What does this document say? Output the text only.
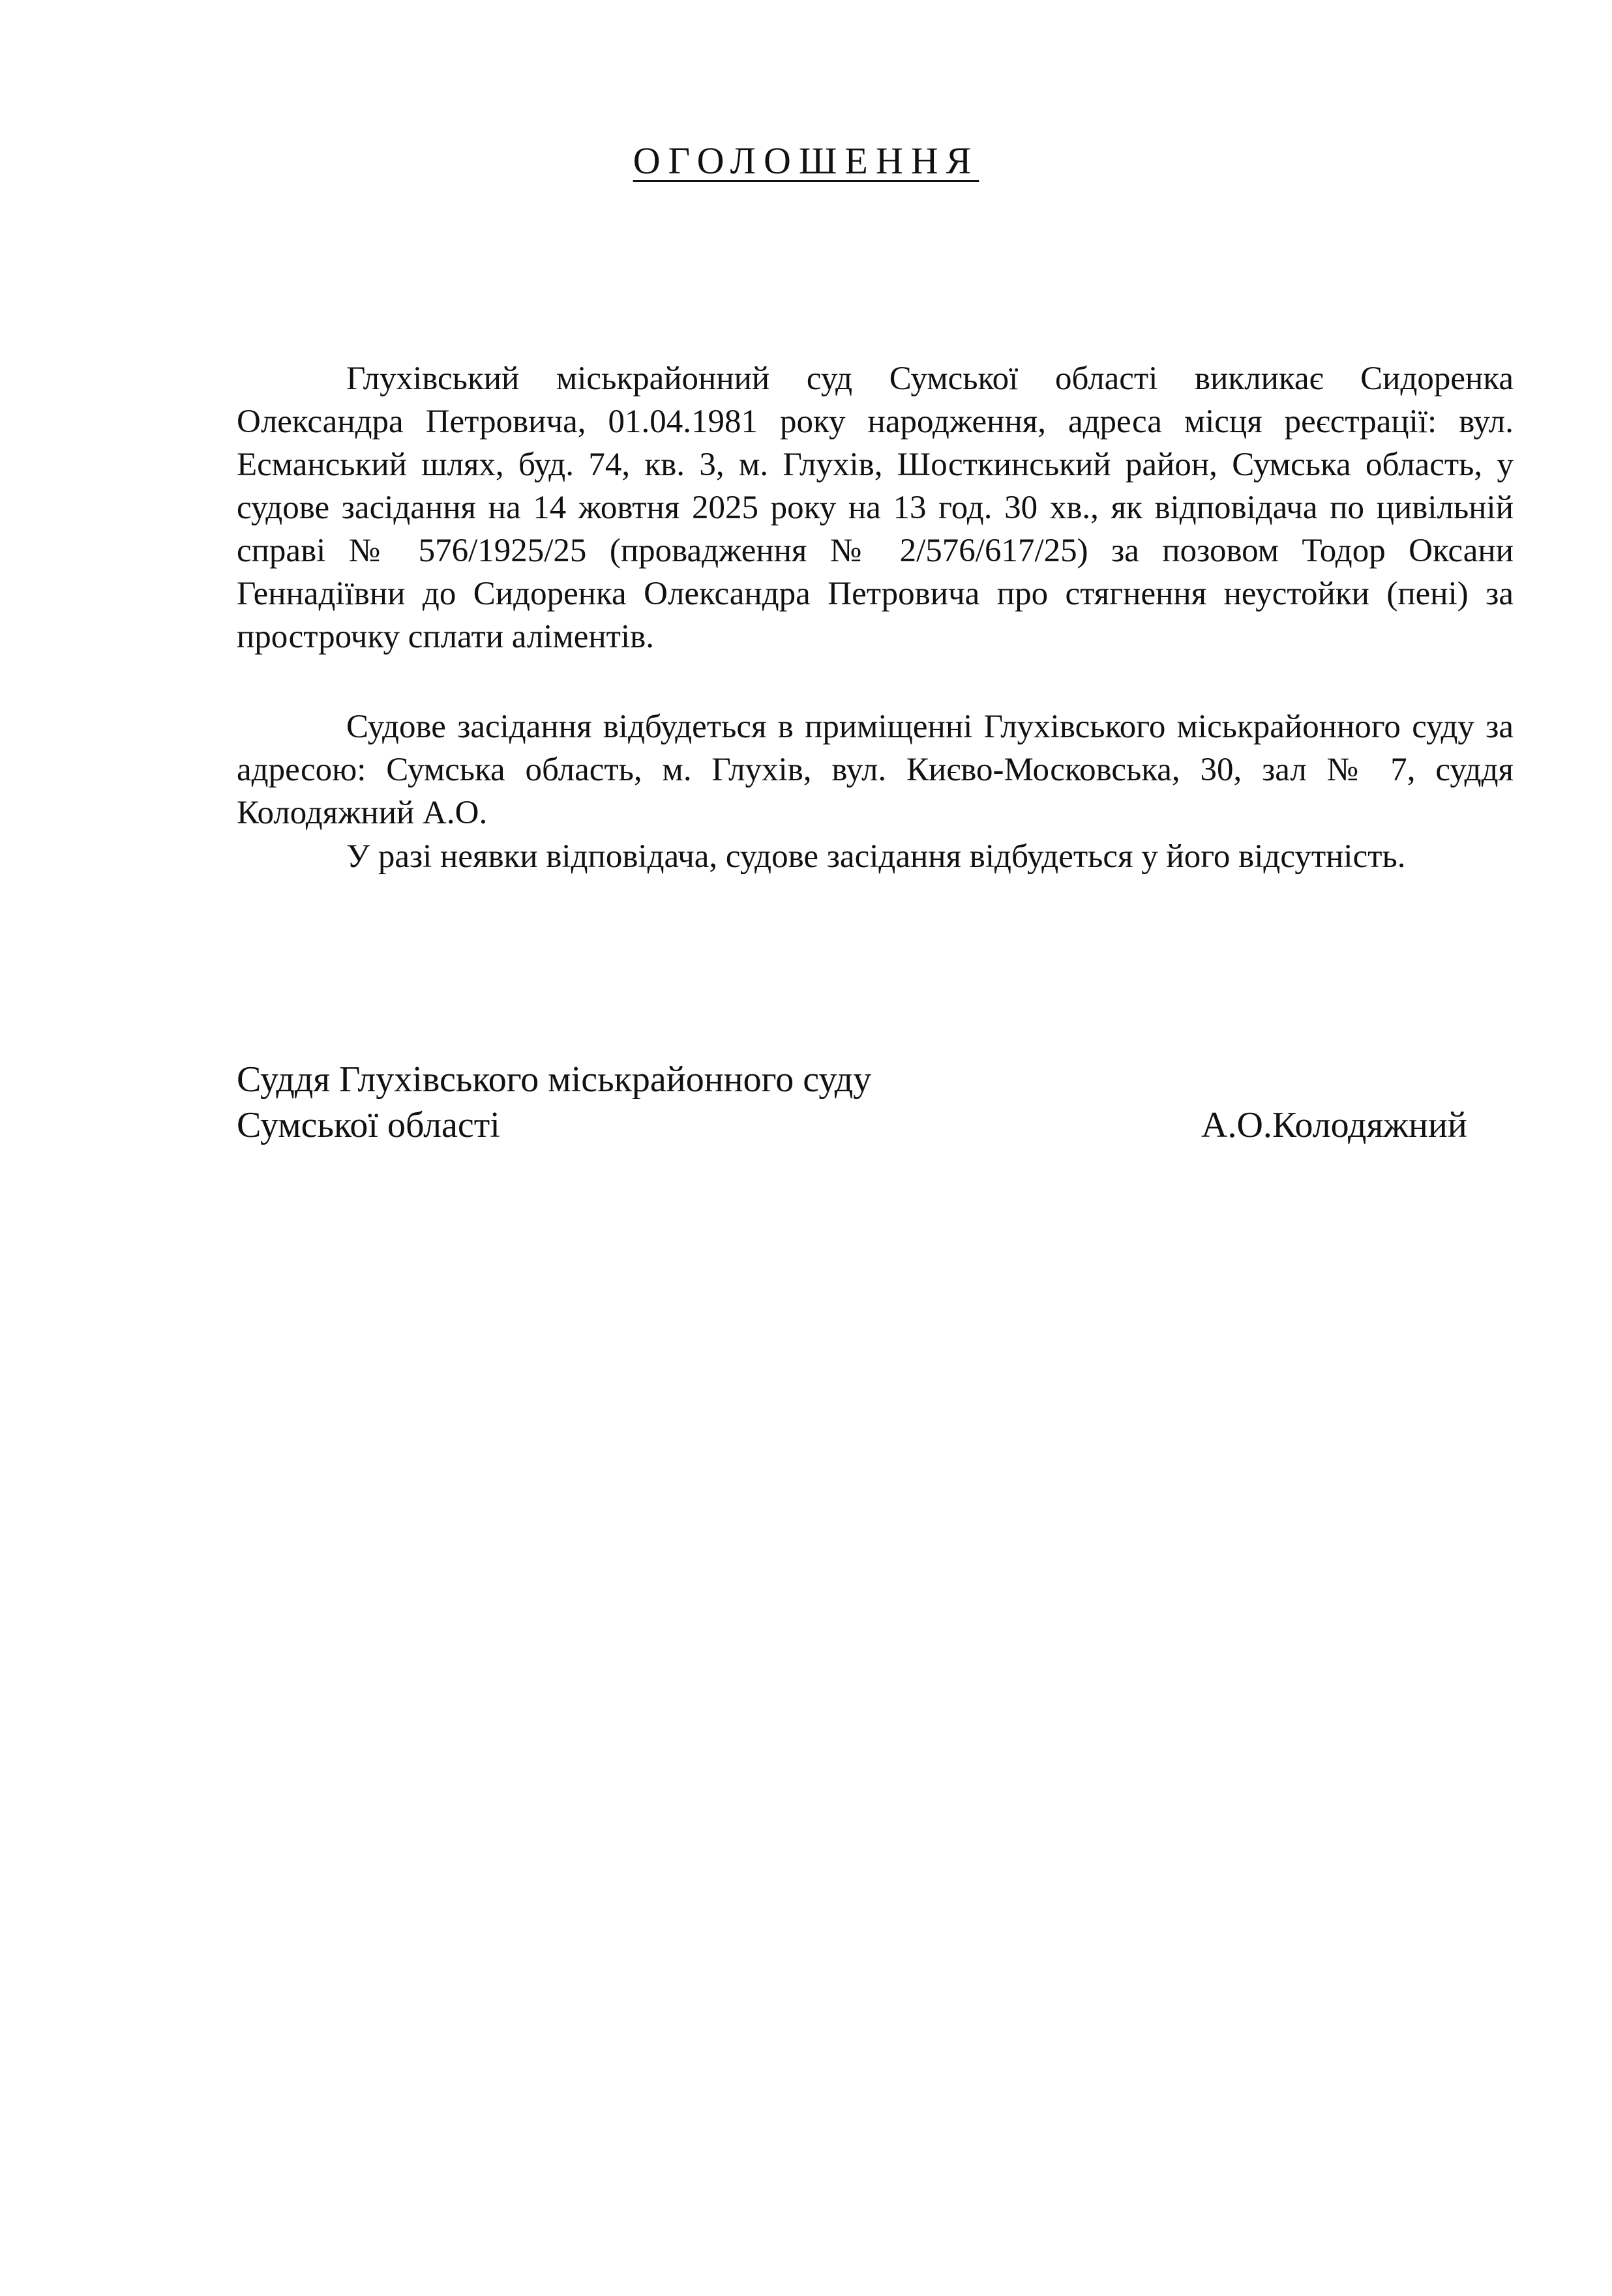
ОГОЛОШЕННЯ

Глухівський міськрайонний суд Сумської області викликає Сидоренка Олександра Петровича, 01.04.1981 року народження, адреса місця реєстрації: вул. Есманський шлях, буд. 74, кв. 3, м. Глухів, Шосткинський район, Сумська область, у судове засідання на 14 жовтня 2025 року на 13 год. 30 хв., як відповідача по цивільній справі № 576/1925/25 (провадження № 2/576/617/25) за позовом Тодор Оксани Геннадіївни до Сидоренка Олександра Петровича про стягнення неустойки (пені) за прострочку сплати аліментів.

Судове засідання відбудеться в приміщенні Глухівського міськрайонного суду за адресою: Сумська область, м. Глухів, вул. Києво-Московська, 30, зал № 7, суддя Колодяжний А.О.

У разі неявки відповідача, судове засідання відбудеться у його відсутність.

Суддя Глухівського міськрайонного суду
Сумської області	А.О.Колодяжний
